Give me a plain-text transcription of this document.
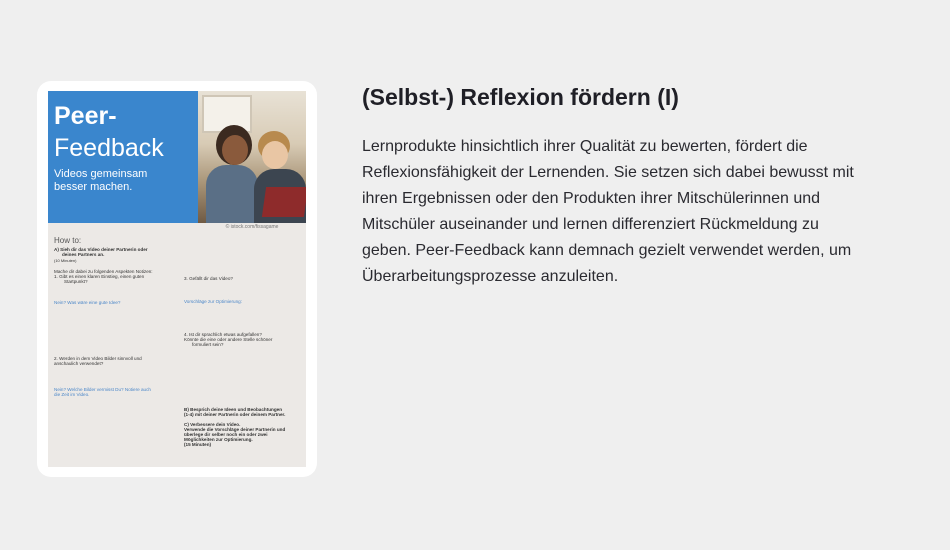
Peer-
Feedback
Videos gemeinsam
besser machen.
© istock.com/fissagame
How to:
A) Sieh dir das Video deiner Partnerin oder
deines Partners an.
(10 Minuten)
Mache dir dabei zu folgenden Aspekten Notizen:
1. Gibt es einen klaren Einstieg, einen guten
Startpunkt?
Nein? Was wäre eine gute Idee?
2. Werden in dem Video Bilder sinnvoll und
anschaulich verwendet?
Nein? Welche Bilder vermisst Du? Notiere auch
die Zeit im Video.
3. Gefällt dir das Video?
Vorschläge zur Optimierung:
4. Ist dir sprachlich etwas aufgefallen?
Könnte die eine oder andere Stelle schöner
formuliert sein?
B) Besprich deine Ideen und Beobachtungen
(1-4) mit deiner Partnerin oder deinem Partner.
C) Verbessere dein Video.
Verwende die Vorschläge deiner Partnerin und
überlege dir selber noch ein oder zwei
Möglichkeiten zur Optimierung.
(15 Minuten)
(Selbst-) Reflexion fördern (I)
Lernprodukte hinsichtlich ihrer Qualität zu bewerten, fördert die
Reflexionsfähigkeit der Lernenden. Sie setzen sich dabei bewusst mit
ihren Ergebnissen oder den Produkten ihrer Mitschülerinnen und
Mitschüler auseinander und lernen differenziert Rückmeldung zu
geben. Peer-Feedback kann demnach gezielt verwendet werden, um
Überarbeitungsprozesse anzuleiten.
